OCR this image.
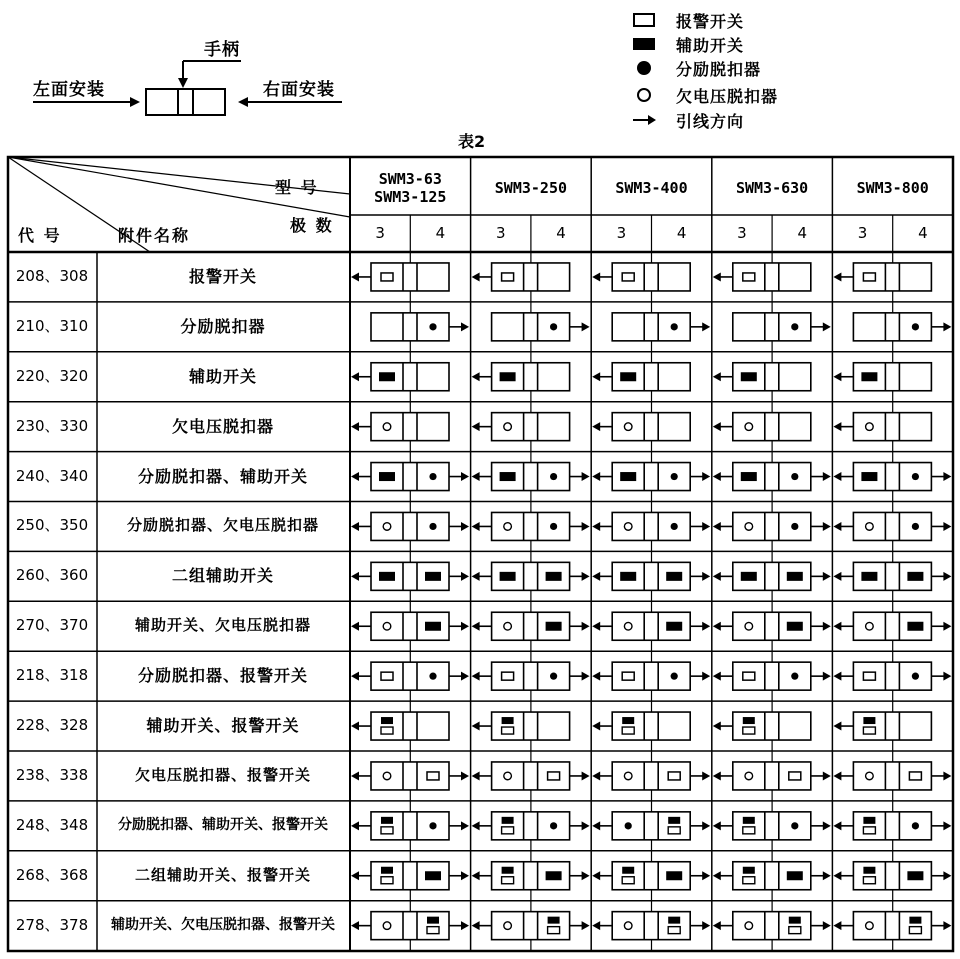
手柄
左面安装	右面安装
报警开关
辅助开关
分励脱扣器
欠电压脱扣器
引线方向
表2
型 号
极 数
代 号	附件名称
SWM3-63
SWM3-125
3	4
SWM3-250
3	4
SWM3-400
3	4
SWM3-630
3	4
SWM3-800
3	4
208、308	报警开关
210、310	分励脱扣器
220、320	辅助开关
230、330	欠电压脱扣器
240、340	分励脱扣器、辅助开关
250、350	分励脱扣器、欠电压脱扣器
260、360	二组辅助开关
270、370	辅助开关、欠电压脱扣器
218、318	分励脱扣器、报警开关
228、328	辅助开关、报警开关
238、338	欠电压脱扣器、报警开关
248、348 分励脱扣器、辅助开关、报警开关
268、368	二组辅助开关、报警开关
278、378 辅助开关、欠电压脱扣器、报警开关
